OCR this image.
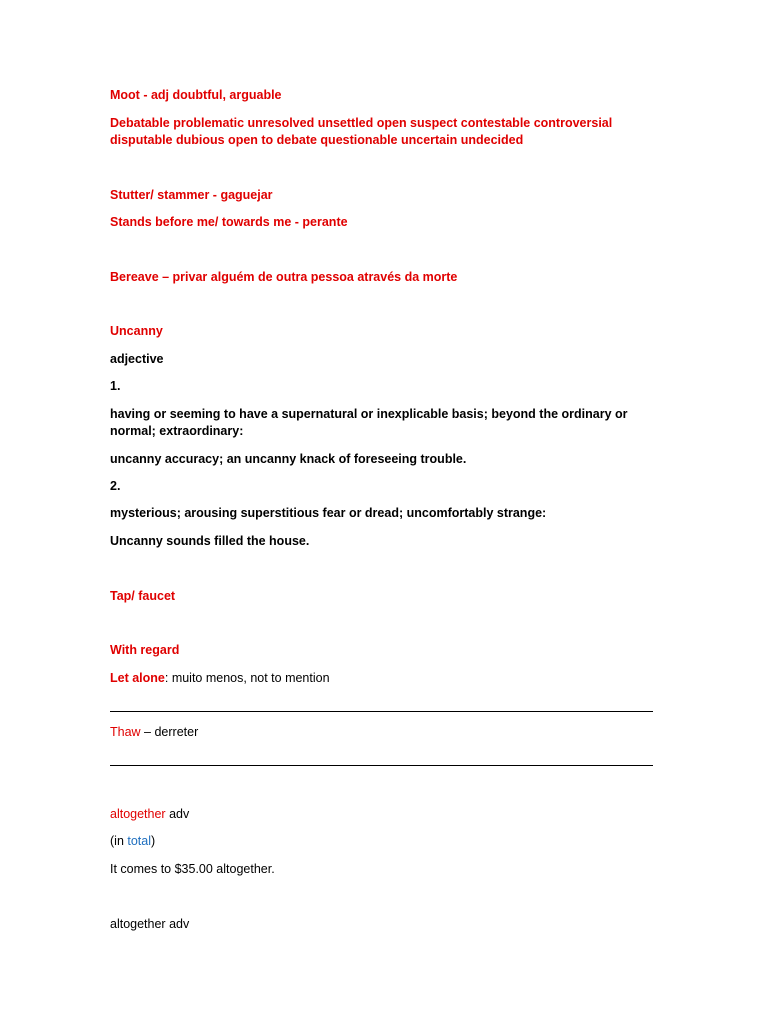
Moot - adj doubtful, arguable
Debatable problematic unresolved unsettled open suspect contestable controversial
disputable dubious open to debate questionable uncertain undecided
Stutter/ stammer - gaguejar
Stands before me/ towards me - perante
Bereave – privar alguém de outra pessoa através da morte
Uncanny
adjective
1.
having or seeming to have a supernatural or inexplicable basis; beyond the ordinary or
normal; extraordinary:
uncanny accuracy; an uncanny knack of foreseeing trouble.
2.
mysterious; arousing superstitious fear or dread; uncomfortably strange:
Uncanny sounds filled the house.
Tap/ faucet
With regard
Let alone: muito menos, not to mention
Thaw – derreter
altogether adv
(in total)
It comes to $35.00 altogether.
altogether adv
